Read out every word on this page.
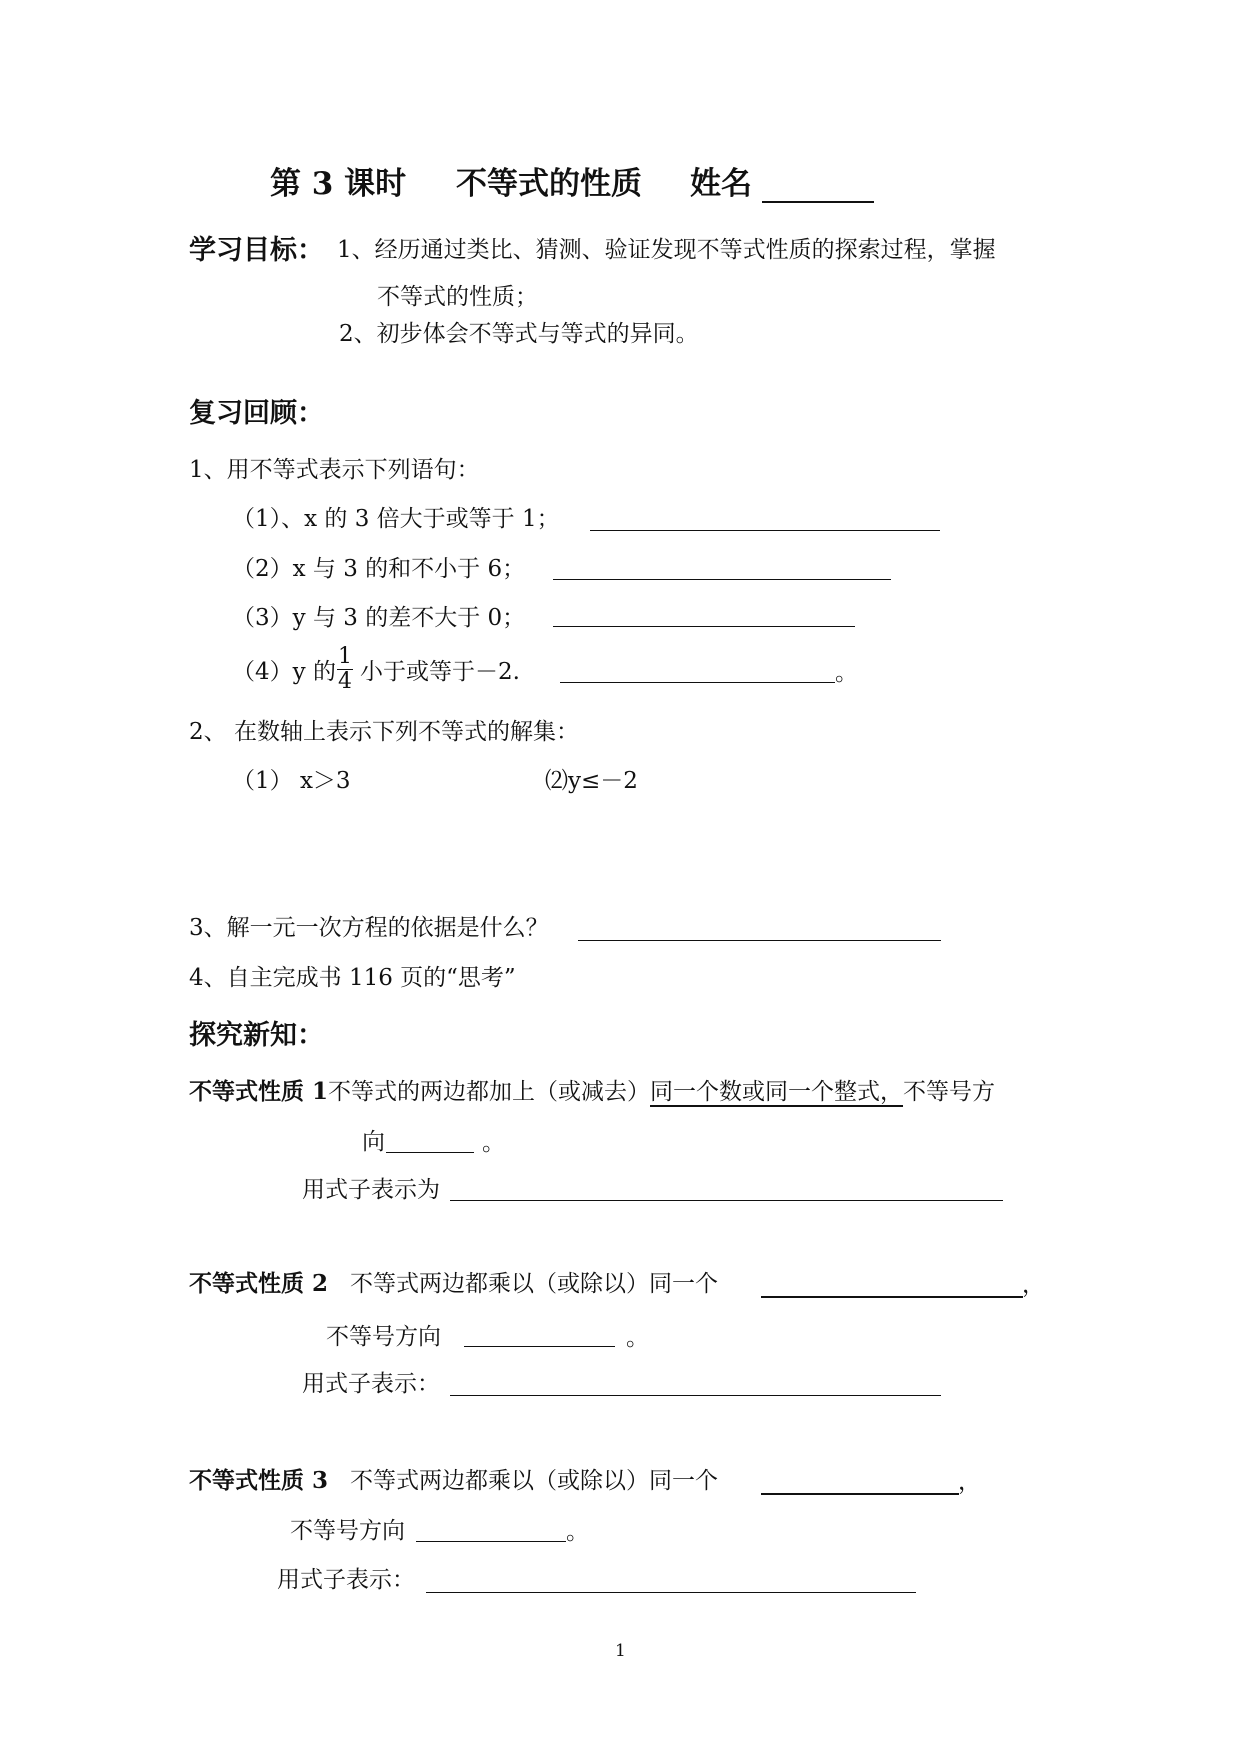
第 3 课时 不等式的性质 姓名
学习目标： 1、经历通过类比、猜测、验证发现不等式性质的探索过程，掌握
不等式的性质；
2、初步体会不等式与等式的异同。
复习回顾：
1、用不等式表示下列语句：
（1）、x 的 3 倍大于或等于 1；
（2）x 与 3 的和不小于 6；
（3）y 与 3 的差不大于 0；
（4）y 的
1
4 小于或等于－2.	。
2、 在数轴上表示下列不等式的解集：
（1） x＞3	⑵y≤－2
3、解一元一次方程的依据是什么？
4、自主完成书 116 页的“思考”
探究新知：
不等式性质 1不等式的两边都加上（或减去）同一个数或同一个整式，不等号方
向	。
用式子表示为
不等式性质 2 不等式两边都乘以（或除以）同一个	，
不等号方向	。
用式子表示：
不等式性质 3 不等式两边都乘以（或除以）同一个	，
不等号方向	。
用式子表示：
1
